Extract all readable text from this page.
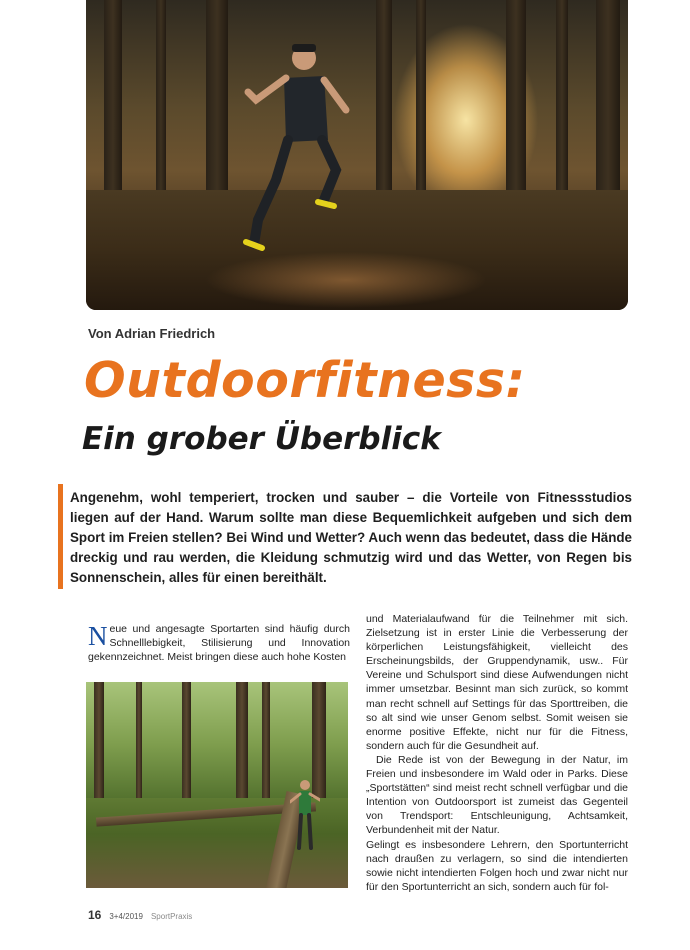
Von Adrian Friedrich
Outdoorfitness:
Ein grober Überblick

Angenehm, wohl temperiert, trocken und sauber – die Vorteile von Fitnessstudios liegen auf der Hand. Warum sollte man diese Bequemlichkeit aufgeben und sich dem Sport im Freien stellen? Bei Wind und Wetter? Auch wenn das bedeutet, dass die Hände dreckig und rau werden, die Kleidung schmutzig wird und das Wetter, von Regen bis Sonnenschein, alles für einen bereithält.

N eue und angesagte Sportarten sind häufig durch Schnelllebigkeit, Stilisierung und Innovation gekennzeichnet. Meist bringen diese auch hohe Kosten

und Materialaufwand für die Teilnehmer mit sich. Zielsetzung ist in erster Linie die Verbesserung der körperlichen Leistungsfähigkeit, vielleicht des Erscheinungsbilds, der Gruppendynamik, usw.. Für Vereine und Schulsport sind diese Aufwendungen nicht immer umsetzbar. Besinnt man sich zurück, so kommt man recht schnell auf Settings für das Sporttreiben, die so alt sind wie unser Genom selbst. Somit weisen sie enorme positive Effekte, nicht nur für die Fitness, sondern auch für die Gesundheit auf.

Die Rede ist von der Bewegung in der Natur, im Freien und insbesondere im Wald oder in Parks. Diese „Sportstätten“ sind meist recht schnell verfügbar und die Intention von Outdoorsport ist zumeist das Gegenteil von Trendsport: Entschleunigung, Achtsamkeit, Verbundenheit mit der Natur.

Gelingt es insbesondere Lehrern, den Sportunterricht nach draußen zu verlagern, so sind die intendierten sowie nicht intendierten Folgen hoch und zwar nicht nur für den Sportunterricht an sich, sondern auch für fol-

16 3+4/2019 SportPraxis
